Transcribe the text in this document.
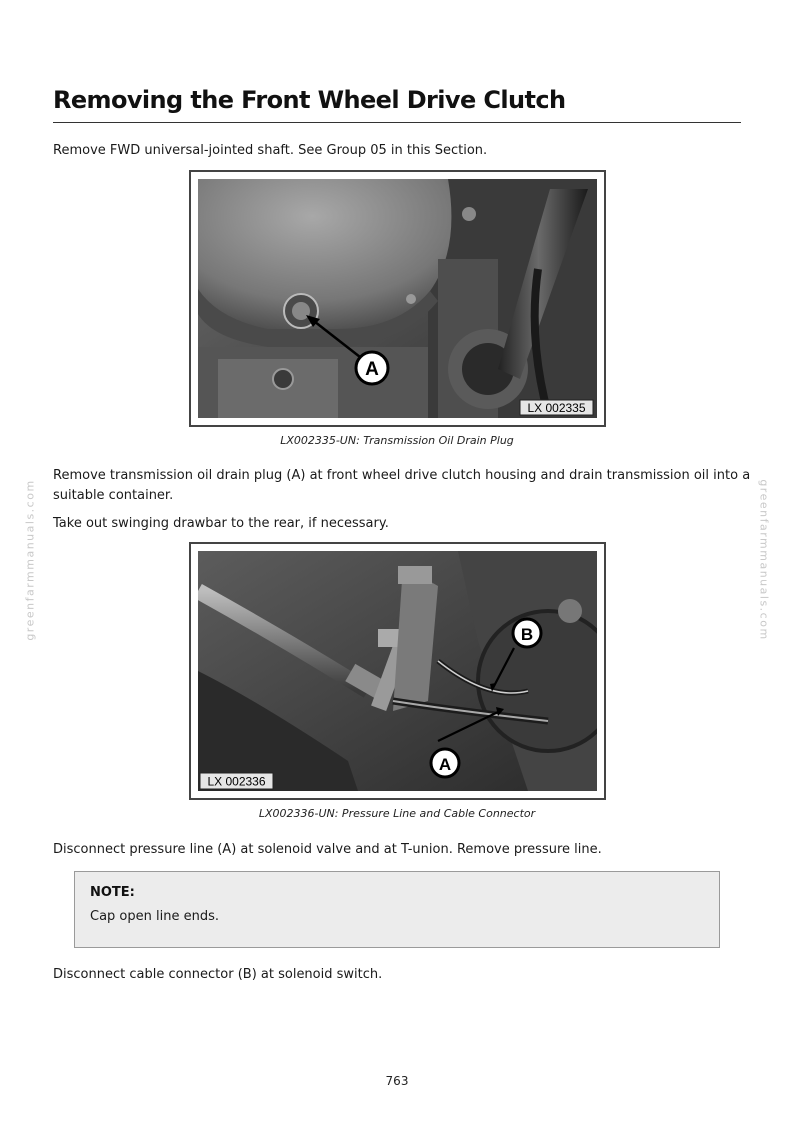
Removing the Front Wheel Drive Clutch

Remove FWD universal-jointed shaft. See Group 05 in this Section.

A
LX 002335

LX002335-UN: Transmission Oil Drain Plug

Remove transmission oil drain plug (A) at front wheel drive clutch housing and drain transmission oil into a suitable container.

Take out swinging drawbar to the rear, if necessary.

B
A
LX 002336

LX002336-UN: Pressure Line and Cable Connector

Disconnect pressure line (A) at solenoid valve and at T-union. Remove pressure line.

NOTE:

Cap open line ends.

Disconnect cable connector (B) at solenoid switch.

greenfarmmanuals.com	greenfarmmanuals.com

763
